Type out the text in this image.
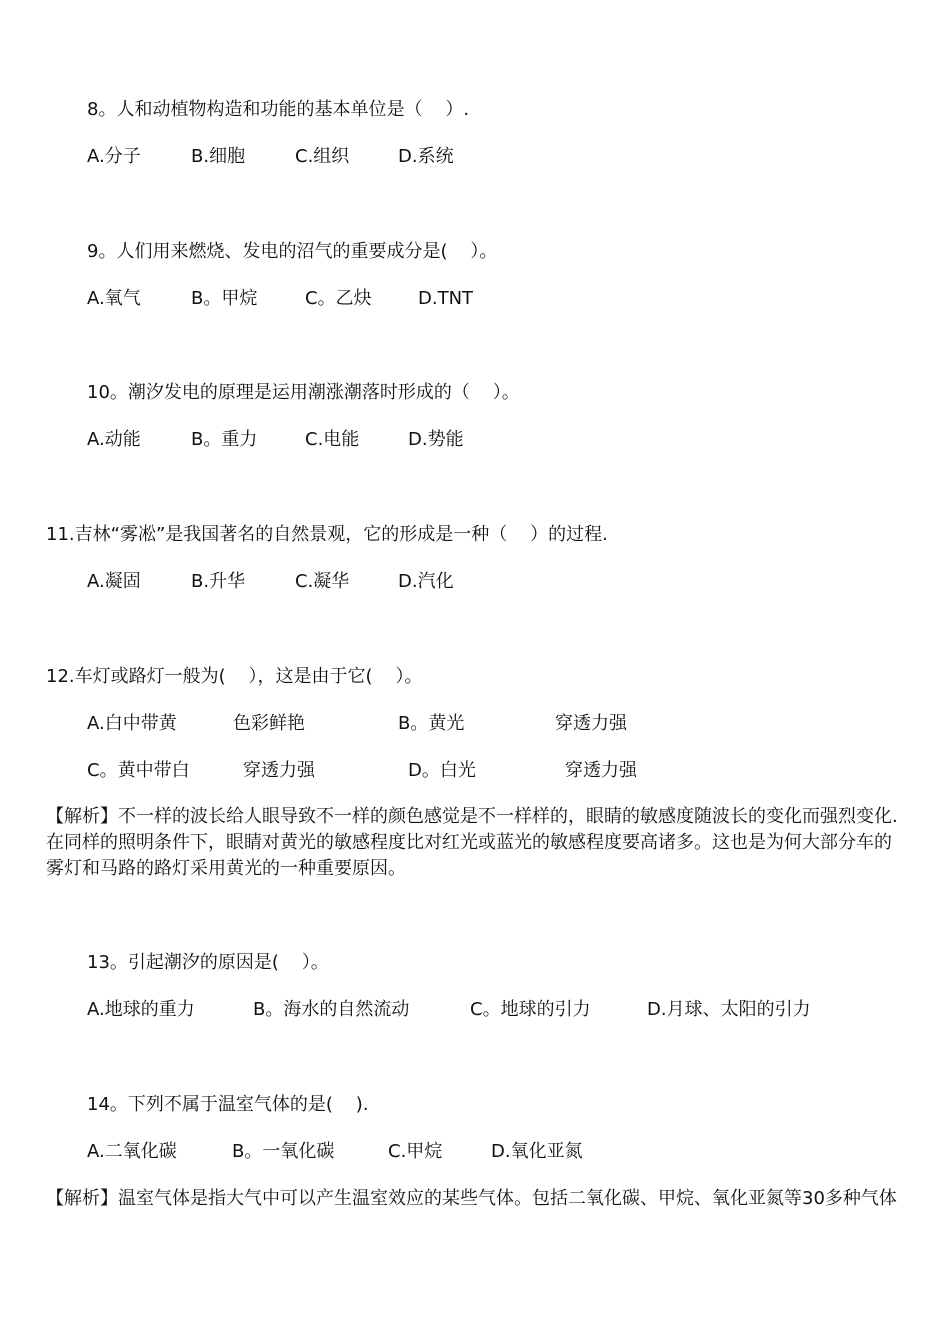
8。人和动植物构造和功能的基本单位是（    ）.
A.分子	B.细胞	C.组织	D.系统
9。人们用来燃烧、发电的沼气的重要成分是(    ）。
A.氧气	B。甲烷	C。乙炔	D.TNT
10。潮汐发电的原理是运用潮涨潮落时形成的（    ）。
A.动能	B。重力	C.电能	D.势能
11.吉林“雾凇”是我国著名的自然景观，它的形成是一种（    ）的过程.
A.凝固	B.升华	C.凝华	D.汽化
12.车灯或路灯一般为(    ），这是由于它(    ）。
A.白中带黄	色彩鲜艳	B。黄光	穿透力强
C。黄中带白	穿透力强	D。白光	穿透力强
【解析】不一样的波长给人眼导致不一样的颜色感觉是不一样样的，眼睛的敏感度随波长的变化而强烈变化.在同样的照明条件下，眼睛对黄光的敏感程度比对红光或蓝光的敏感程度要高诸多。这也是为何大部分车的雾灯和马路的路灯采用黄光的一种重要原因。
13。引起潮汐的原因是(    ）。
A.地球的重力	B。海水的自然流动	C。地球的引力	D.月球、太阳的引力
14。下列不属于温室气体的是(    ).
A.二氧化碳	B。一氧化碳	C.甲烷	D.氧化亚氮
【解析】温室气体是指大气中可以产生温室效应的某些气体。包括二氧化碳、甲烷、氧化亚氮等30多种气体
